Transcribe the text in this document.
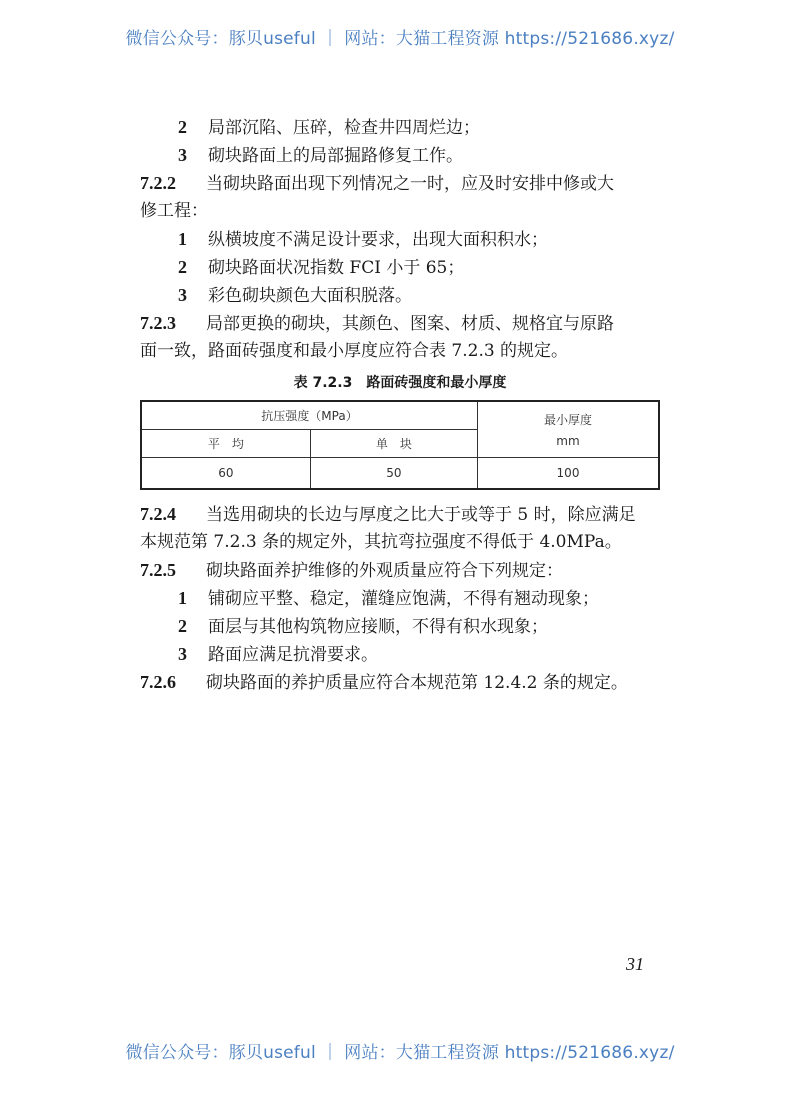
微信公众号：豚贝useful ｜ 网站：大猫工程资源 https://521686.xyz/
2 局部沉陷、压碎，检查井四周烂边；
3 砌块路面上的局部掘路修复工作。
7.2.2 当砌块路面出现下列情况之一时，应及时安排中修或大
修工程：
1 纵横坡度不满足设计要求，出现大面积积水；
2 砌块路面状况指数 FCI 小于 65；
3 彩色砌块颜色大面积脱落。
7.2.3 局部更换的砌块，其颜色、图案、材质、规格宜与原路
面一致，路面砖强度和最小厚度应符合表 7.2.3 的规定。
表 7.2.3　路面砖强度和最小厚度
抗压强度（MPa）		最小厚度
mm

平　均	单　块	
60	50	100
7.2.4 当选用砌块的长边与厚度之比大于或等于 5 时，除应满足
本规范第 7.2.3 条的规定外，其抗弯拉强度不得低于 4.0MPa。
7.2.5 砌块路面养护维修的外观质量应符合下列规定：
1 铺砌应平整、稳定，灌缝应饱满，不得有翘动现象；
2 面层与其他构筑物应接顺，不得有积水现象；
3 路面应满足抗滑要求。
7.2.6 砌块路面的养护质量应符合本规范第 12.4.2 条的规定。
31
微信公众号：豚贝useful ｜ 网站：大猫工程资源 https://521686.xyz/
